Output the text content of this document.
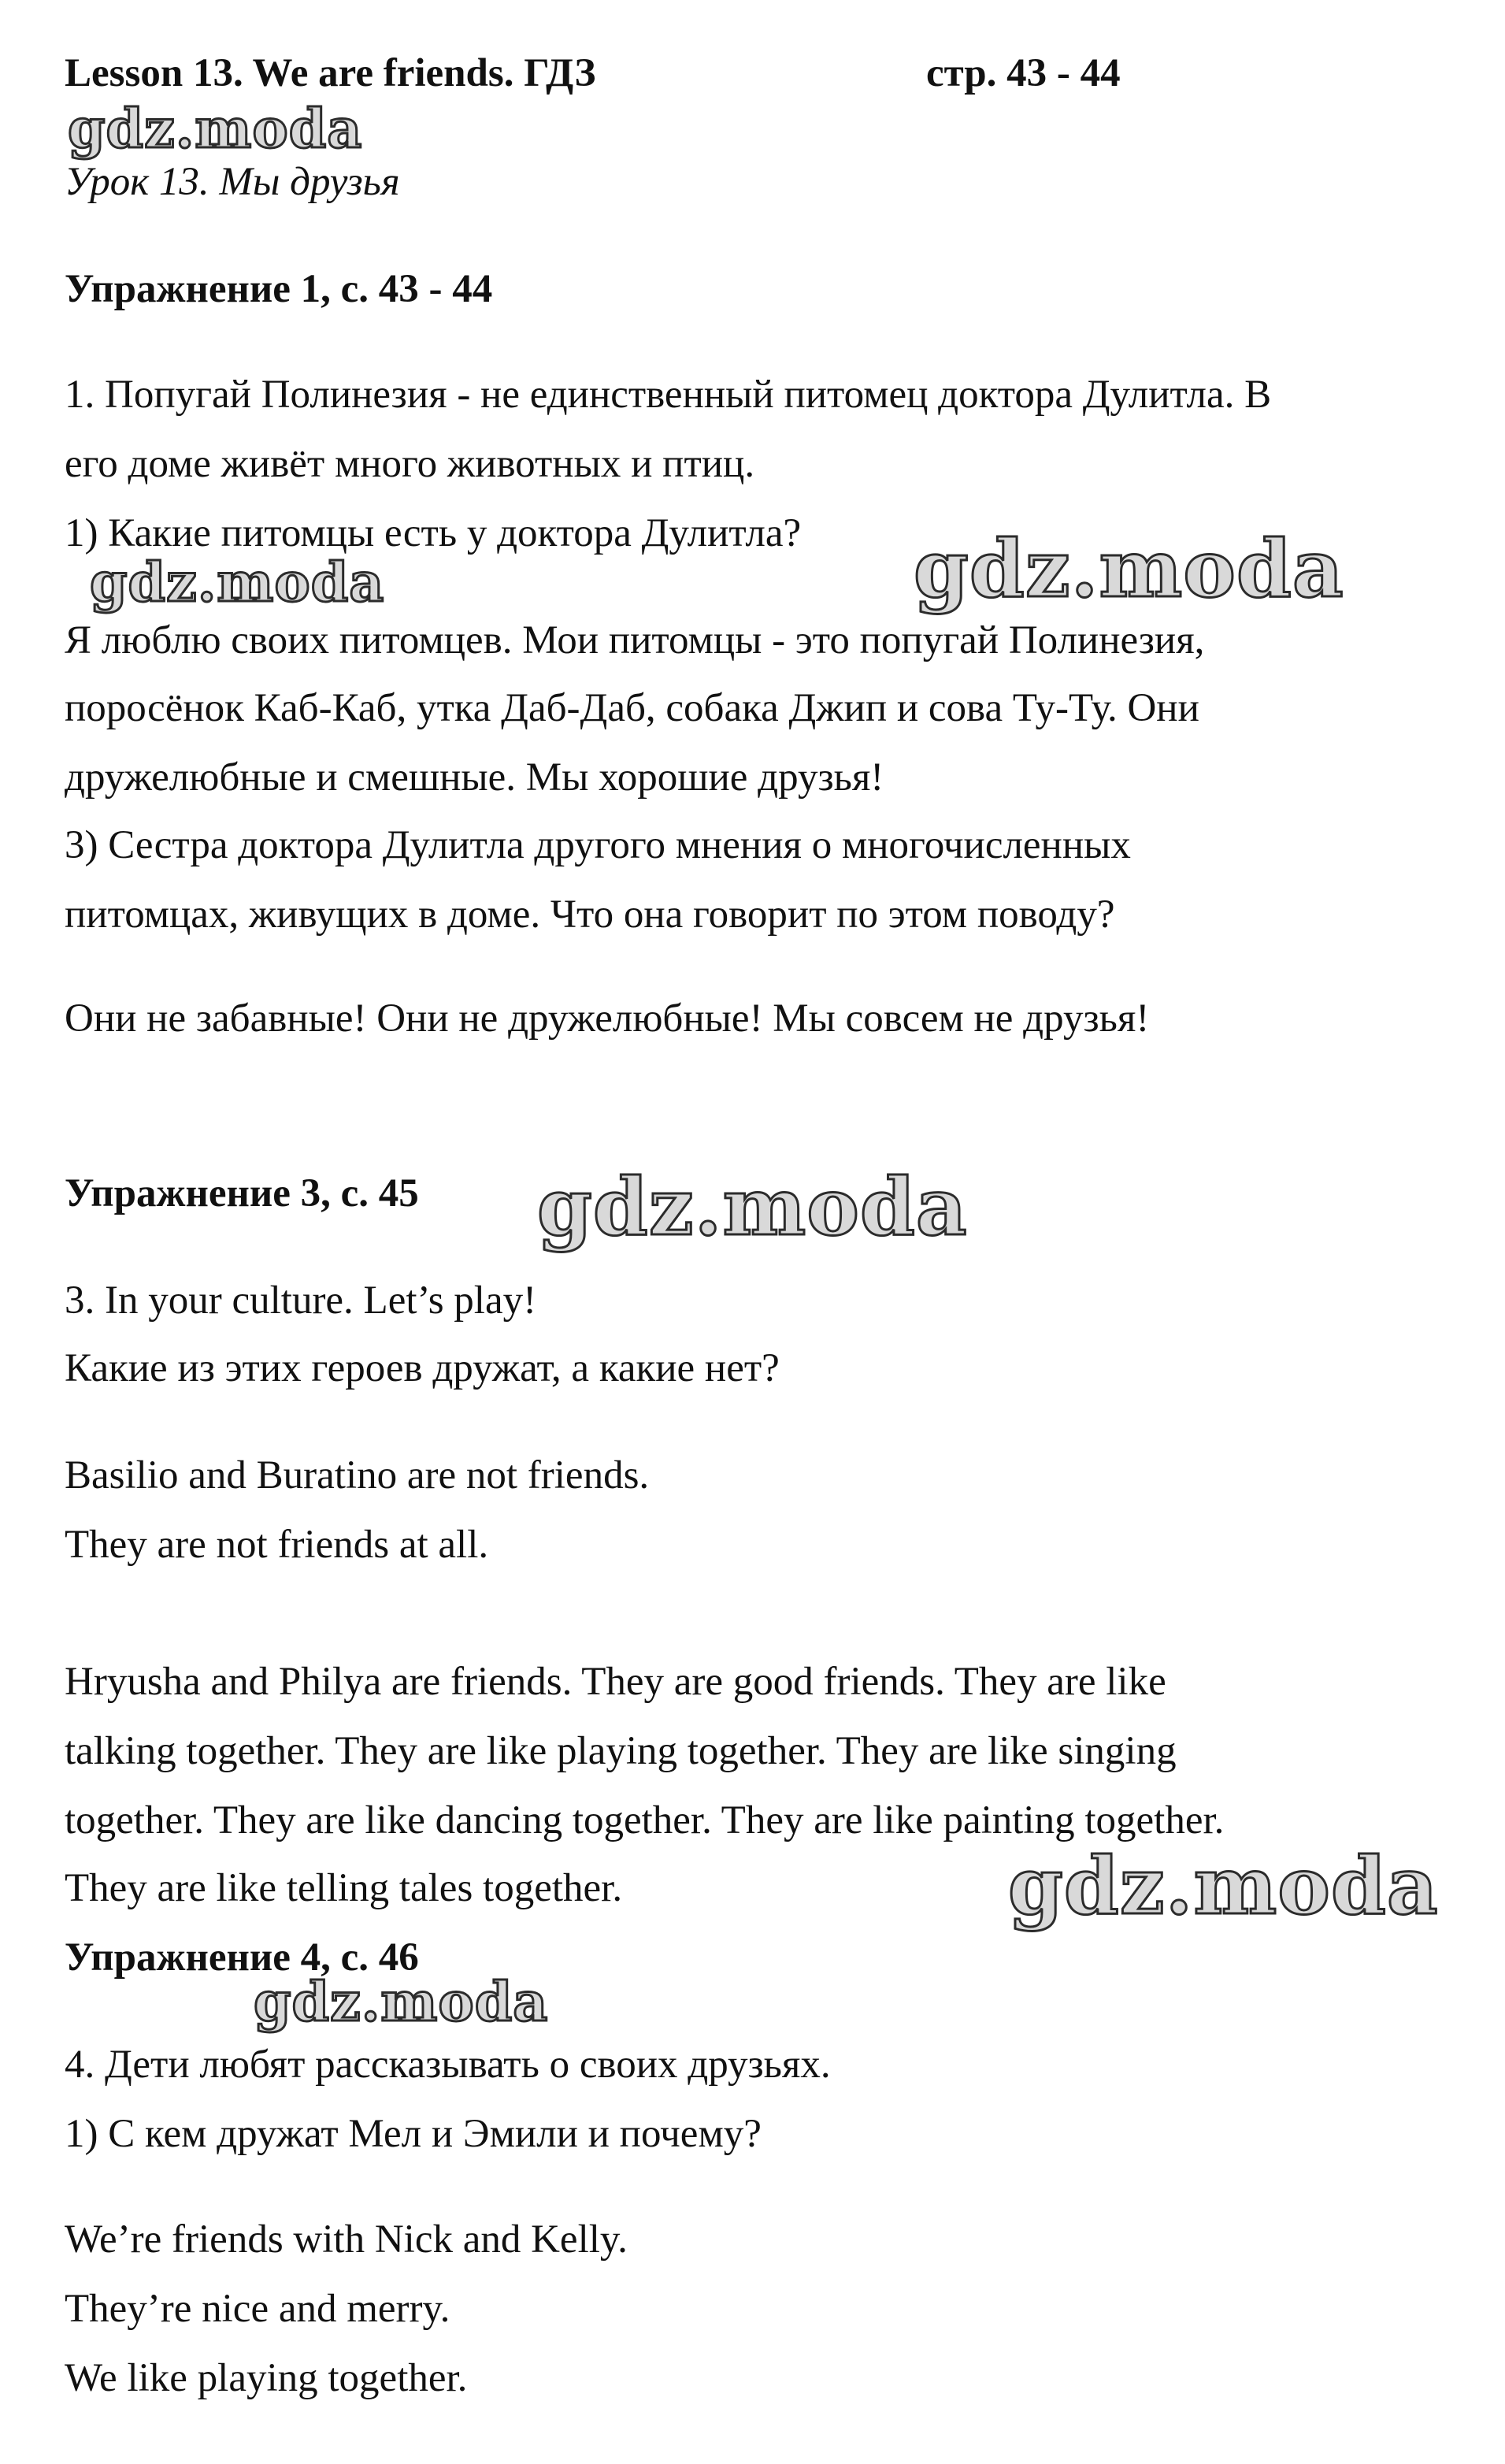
Lesson 13. We are friends. ГДЗ	стр. 43 - 44
Урок 13. Мы друзья
Упражнение 1, с. 43 - 44
1. Попугай Полинезия - не единственный питомец доктора Дулитла. В
его доме живёт много животных и птиц.
1) Какие питомцы есть у доктора Дулитла?
Я люблю своих питомцев. Мои питомцы - это попугай Полинезия,
поросёнок Каб-Каб, утка Даб-Даб, собака Джип и сова Ту-Ту. Они
дружелюбные и смешные. Мы хорошие друзья!
3) Сестра доктора Дулитла другого мнения о многочисленных
питомцах, живущих в доме. Что она говорит по этом поводу?
Они не забавные! Они не дружелюбные! Мы совсем не друзья!
Упражнение 3, с. 45
3. In your culture. Let’s play!
Какие из этих героев дружат, а какие нет?
Basilio and Buratino are not friends.
They are not friends at all.
Hryusha and Philya are friends. They are good friends. They are like
talking together. They are like playing together. They are like singing
together. They are like dancing together. They are like painting together.
They are like telling tales together.
Упражнение 4, с. 46
4. Дети любят рассказывать о своих друзьях.
1) С кем дружат Мел и Эмили и почему?
We’re friends with Nick and Kelly.
They’re nice and merry.
We like playing together.
gdz.moda
gdz.moda	gdz.moda
gdz.moda
gdz.moda
gdz.moda
